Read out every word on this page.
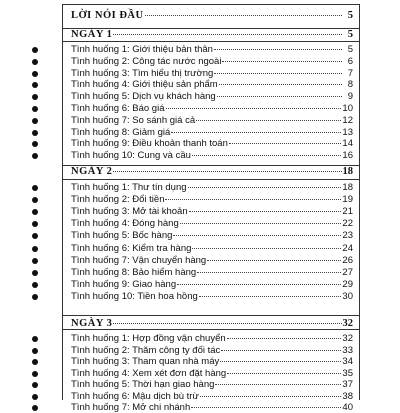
LỜI NÓI ĐẦU	5
NGÀY 1	5
Tình huống 1: Giới thiệu bản thân	5
Tình huống 2: Công tác nước ngoài	6
Tình huống 3: Tìm hiểu thị trường	7
Tình huống 4: Giới thiệu sản phẩm	8
Tình huống 5: Dịch vụ khách hàng	9
Tình huống 6: Báo giá	10
Tình huống 7: So sánh giá cả	12
Tình huống 8: Giảm giá	13
Tình huống 9: Điều khoản thanh toán	14
Tình huống 10: Cung và cầu	16
NGÀY 2	18
Tình huống 1: Thư tín dụng	18
Tình huống 2: Đổi tiền	19
Tình huống 3: Mở tài khoản	21
Tình huống 4: Đóng hàng	22
Tình huống 5: Bốc hàng	23
Tình huống 6: Kiểm tra hàng	24
Tình huống 7: Vận chuyển hàng	26
Tình huống 8: Bảo hiểm hàng	27
Tình huống 9: Giao hàng	29
Tình huống 10: Tiền hoa hồng	30
NGÀY 3	32
Tình huống 1: Hợp đồng vận chuyển	32
Tình huống 2: Thăm công ty đối tác	33
Tình huống 3: Tham quan nhà máy	34
Tình huống 4: Xem xét đơn đặt hàng	35
Tình huống 5: Thời hạn giao hàng	37
Tình huống 6: Mậu dịch bù trừ	38
Tình huống 7: Mở chi nhánh	40
